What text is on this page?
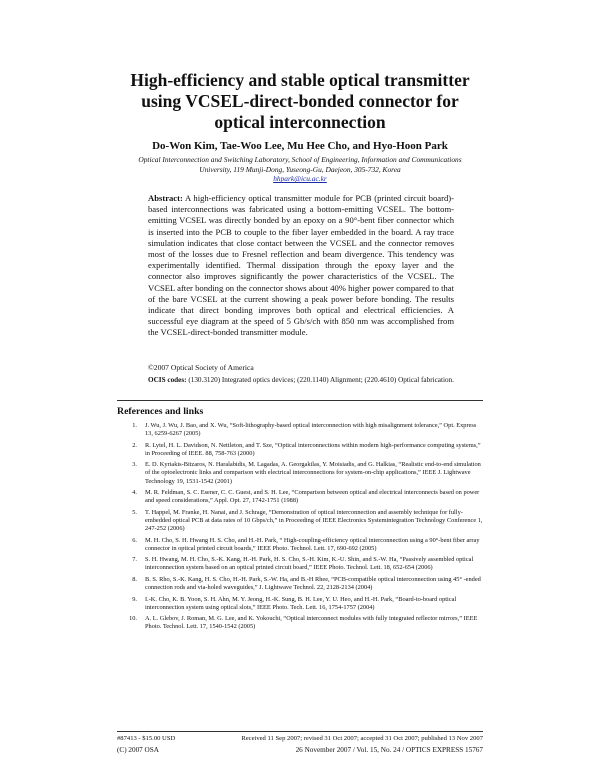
High-efficiency and stable optical transmitter
using VCSEL-direct-bonded connector for
optical interconnection
Do-Won Kim, Tae-Woo Lee, Mu Hee Cho, and Hyo-Hoon Park
Optical Interconnection and Switching Laboratory, School of Engineering, Information and Communications
University, 119 Munji-Dong, Yuseong-Gu, Daejeon, 305-732, Korea
hhpark@icu.ac.kr
Abstract: A high-efficiency optical transmitter module for PCB (printed circuit board)-based interconnections was fabricated using a bottom-emitting VCSEL. The bottom-emitting VCSEL was directly bonded by an epoxy on a 90°-bent fiber connector which is inserted into the PCB to couple to the fiber layer embedded in the board. A ray trace simulation indicates that close contact between the VCSEL and the connector removes most of the losses due to Fresnel reflection and beam divergence. This tendency was experimentally identified. Thermal dissipation through the epoxy layer and the connector also improves significantly the power characteristics of the VCSEL. The VCSEL after bonding on the connector shows about 40% higher power compared to that of the bare VCSEL at the current showing a peak power before bonding. The results indicate that direct bonding improves both optical and electrical efficiencies. A successful eye diagram at the speed of 5 Gb/s/ch with 850 nm was accomplished from the VCSEL-direct-bonded transmitter module.
©2007 Optical Society of America
OCIS codes: (130.3120) Integrated optics devices; (220.1140) Alignment; (220.4610) Optical fabrication.
References and links
1. J. Wu, J. Wu, J. Bao, and X. Wu, “Soft-lithography-based optical interconnection with high misalignment tolerance,” Opt. Express 13, 6259-6267 (2005)
2. R. Lytel, H. L. Davidson, N. Nettleton, and T. Sze, “Optical interconnections within modern high-performance computing systems,” in Proceeding of IEEE. 88, 758-763 (2000)
3. E. D. Kyriakis-Bitzaros, N. Haralabidis, M. Lagadas, A. Georgakilas, Y. Moisiadis, and G. Halkias, “Realistic end-to-end simulation of the optoelectronic links and comparison with electrical interconnections for system-on-chip applications,” IEEE J. Lightwave Technology 19, 1531-1542 (2001)
4. M. R. Feldman, S. C. Esener, C. C. Guest, and S. H. Lee, “Comparison between optical and electrical interconnects based on power and speed considerations,” Appl. Opt. 27, 1742-1751 (1988)
5. T. Happel, M. Franke, H. Nanai, and J. Schrage, “Demonstration of optical interconnection and assembly technique for fully-embedded optical PCB at data rates of 10 Gbps/ch,” in Proceeding of IEEE Electronics Systemintegration Technology Conference 1, 247-252 (2006)
6. M. H. Cho, S. H. Hwang H. S. Cho, and H.-H. Park, “ High-coupling-efficiency optical interconnection using a 90°-bent fiber array connector in optical printed circuit boards,” IEEE Photo. Technol. Lett. 17, 690-692 (2005)
7. S. H. Hwang, M. H. Cho, S.-K. Kang, H.-H. Park, H. S. Cho, S.-H. Kim, K.-U. Shin, and S.-W. Ha, “Passively assembled optical interconnection system based on an optical printed circuit board,” IEEE Photo. Technol. Lett. 18, 652-654 (2006)
8. B. S. Rho, S.-K. Kang, H. S. Cho, H.-H. Park, S.-W. Ha, and B.-H Rhee, “PCB-compatible optical interconnection using 45° -ended connection rods and via-holed waveguides,” J. Lightwave Technol. 22, 2128-2134 (2004)
9. I.-K. Cho, K. B. Yoon, S. H. Ahn, M. Y. Jeong, H.-K. Sung, B. H. Lee, Y. U. Heo, and H.-H. Park, “Board-to-board optical interconnection system using optical slots,” IEEE Photo. Tech. Lett. 16, 1754-1757 (2004)
10. A. L. Glebov, J. Roman, M. G. Lee, and K. Yokouchi, “Optical interconnect modules with fully integrated reflector mirrors,” IEEE Photo. Technol. Lett. 17, 1540-1542 (2005)
#87413 - $15.00 USD	Received 11 Sep 2007; revised 31 Oct 2007; accepted 31 Oct 2007; published 13 Nov 2007
(C) 2007 OSA	26 November 2007 / Vol. 15, No. 24 / OPTICS EXPRESS 15767
